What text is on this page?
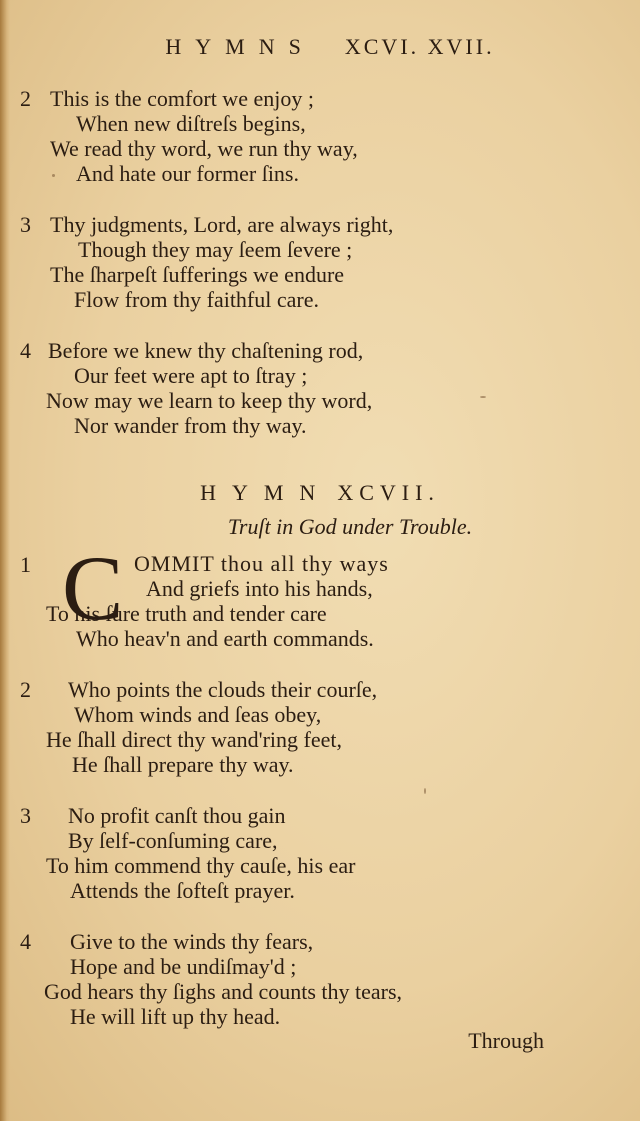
HYMNS XCVI. XVII.
2 This is the comfort we enjoy ;
When new diſtreſs begins,
We read thy word, we run thy way,
And hate our former ſins.
3 Thy judgments, Lord, are always right,
Though they may ſeem ſevere ;
The ſharpeſt ſufferings we endure
Flow from thy faithful care.
4 Before we knew thy chaſtening rod,
Our feet were apt to ſtray ;
Now may we learn to keep thy word,
Nor wander from thy way.
HYMN XCVII.
Truſt in God under Trouble.
1 C OMMIT thou all thy ways
And griefs into his hands,
To his ſure truth and tender care
Who heav'n and earth commands.
2 Who points the clouds their courſe,
Whom winds and ſeas obey,
He ſhall direct thy wand'ring feet,
He ſhall prepare thy way.
3 No profit canſt thou gain
By ſelf-conſuming care,
To him commend thy cauſe, his ear
Attends the ſofteſt prayer.
4 Give to the winds thy fears,
Hope and be undiſmay'd ;
God hears thy ſighs and counts thy tears,
He will lift up thy head.
Through
